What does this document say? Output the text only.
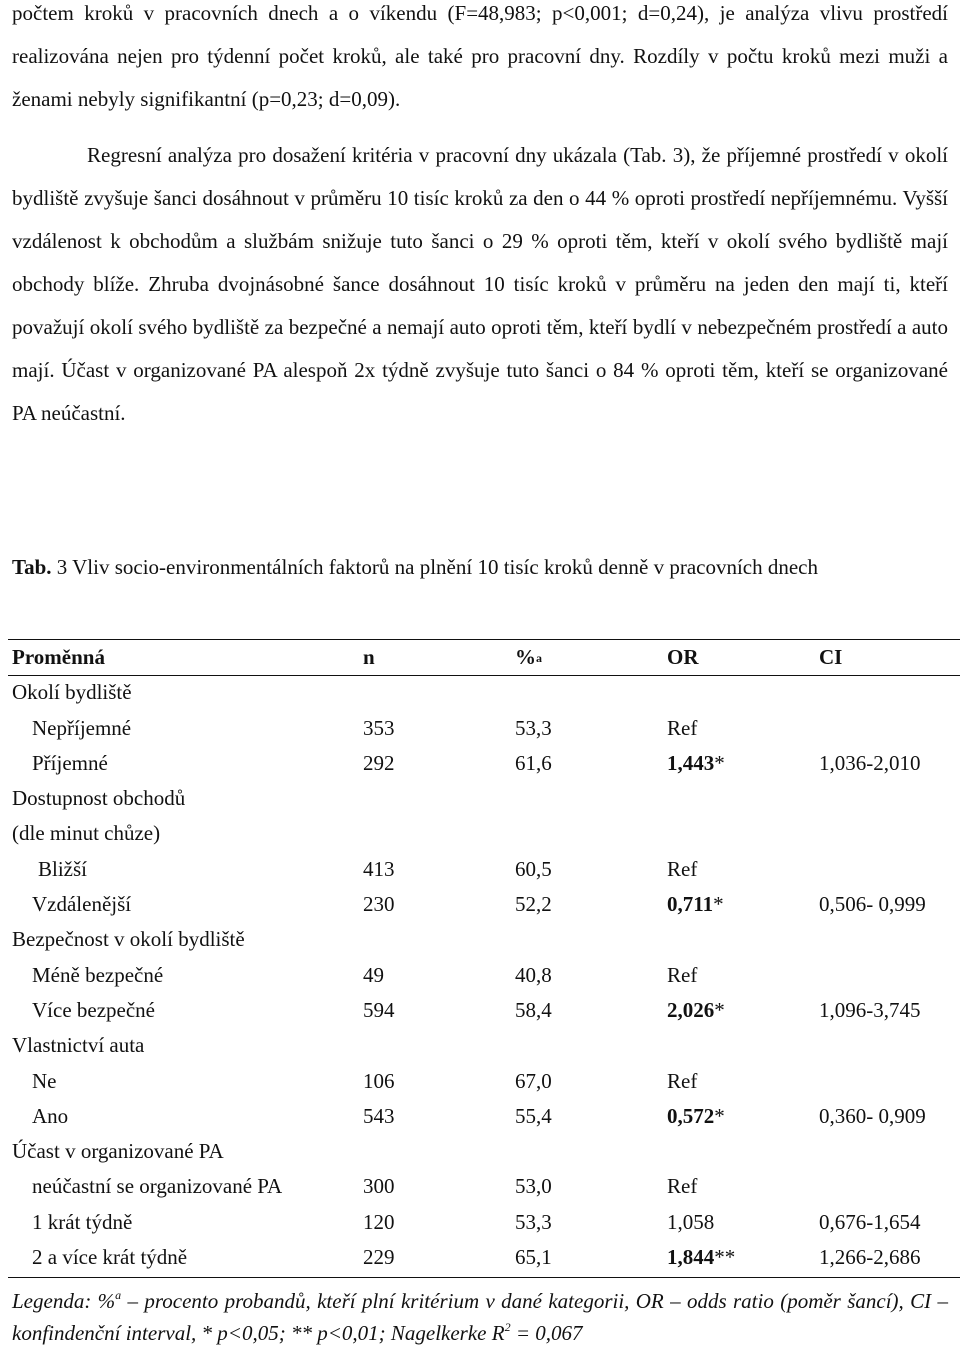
počtem kroků v pracovních dnech a o víkendu (F=48,983; p<0,001; d=0,24), je analýza vlivu prostředí realizována nejen pro týdenní počet kroků, ale také pro pracovní dny. Rozdíly v počtu kroků mezi muži a ženami nebyly signifikantní (p=0,23; d=0,09).

Regresní analýza pro dosažení kritéria v pracovní dny ukázala (Tab. 3), že příjemné prostředí v okolí bydliště zvyšuje šanci dosáhnout v průměru 10 tisíc kroků za den o 44 % oproti prostředí nepříjemnému. Vyšší vzdálenost k obchodům a službám snižuje tuto šanci o 29 % oproti těm, kteří v okolí svého bydliště mají obchody blíže. Zhruba dvojnásobné šance dosáhnout 10 tisíc kroků v průměru na jeden den mají ti, kteří považují okolí svého bydliště za bezpečné a nemají auto oproti těm, kteří bydlí v nebezpečném prostředí a auto mají. Účast v organizované PA alespoň 2x týdně zvyšuje tuto šanci o 84 % oproti těm, kteří se organizované PA neúčastní.

Tab. 3 Vliv socio-environmentálních faktorů na plnění 10 tisíc kroků denně v pracovních dnech

Proměnná	n	% a	OR	CI
Okolí bydliště
Nepříjemné	353	53,3	Ref
Příjemné	292	61,6	1,443*	1,036-2,010
Dostupnost obchodů
(dle minut chůze)
Bližší	413	60,5	Ref
Vzdálenější	230	52,2	0,711*	0,506- 0,999
Bezpečnost v okolí bydliště
Méně bezpečné	49	40,8	Ref
Více bezpečné	594	58,4	2,026*	1,096-3,745
Vlastnictví auta
Ne	106	67,0	Ref
Ano	543	55,4	0,572*	0,360- 0,909
Účast v organizované PA
neúčastní se organizované PA	300	53,0	Ref
1 krát týdně	120	53,3	1,058	0,676-1,654
2 a více krát týdně	229	65,1	1,844**	1,266-2,686

Legenda: %$^a$ – procento probandů, kteří plní kritérium v dané kategorii, OR – odds ratio (poměr šancí), CI – konfindenční interval, * p<0,05; ** p<0,01; Nagelkerke $R^2 = 0,067$
